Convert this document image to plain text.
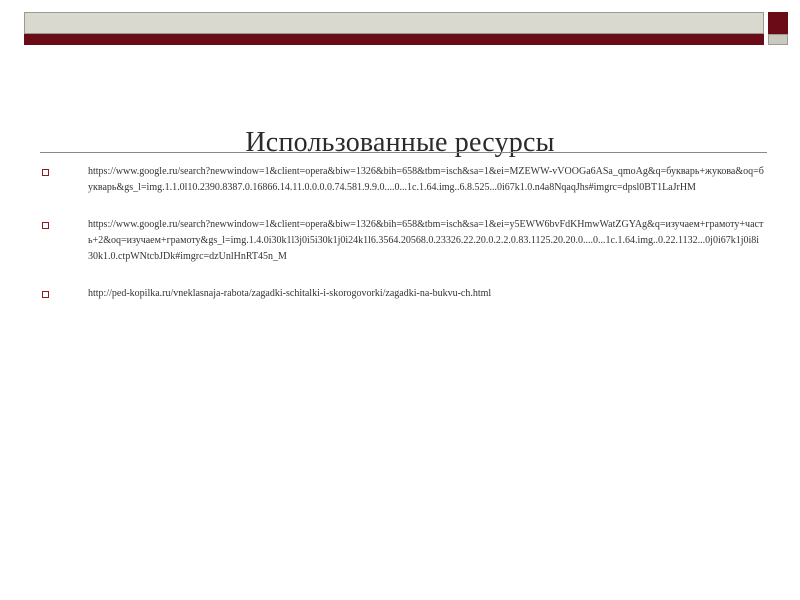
Использованные ресурсы
https://www.google.ru/search?newwindow=1&client=opera&biw=1326&bih=658&tbm=isch&sa=1&ei=MZEWW-vVOOGa6ASa_qmoAg&q=букварь+жукова&oq=букварь&gs_l=img.1.1.0l10.2390.8387.0.16866.14.11.0.0.0.0.74.581.9.9.0....0...1c.1.64.img..6.8.525...0i67k1.0.n4a8NqaqJhs#imgrc=dpsl0BT1LaJrHM
https://www.google.ru/search?newwindow=1&client=opera&biw=1326&bih=658&tbm=isch&sa=1&ei=y5EWW6bvFdKHmwWatZGYAg&q=изучаем+грамоту+часть+2&oq=изучаем+грамоту&gs_l=img.1.4.0i30k1l3j0i5i30k1j0i24k1l6.3564.20568.0.23326.22.20.0.2.2.0.83.1125.20.20.0....0...1c.1.64.img..0.22.1132...0j0i67k1j0i8i30k1.0.ctpWNtcbJDk#imgrc=dzUnlHnRT45n_M
http://ped-kopilka.ru/vneklasnaja-rabota/zagadki-schitalki-i-skorogovorki/zagadki-na-bukvu-ch.html
